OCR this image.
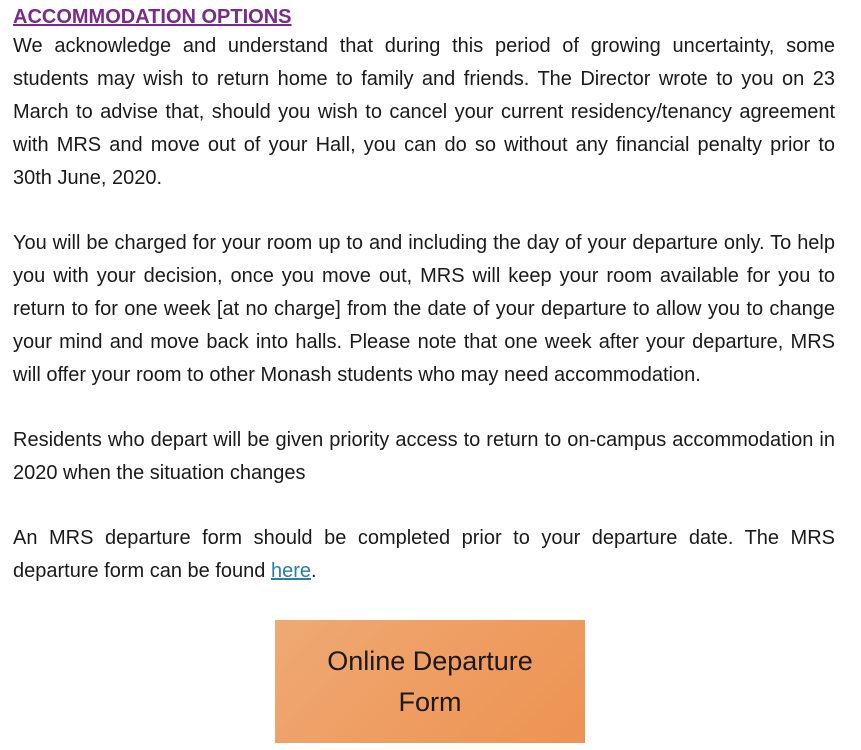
ACCOMMODATION OPTIONS

We acknowledge and understand that during this period of growing uncertainty, some students may wish to return home to family and friends. The Director wrote to you on 23 March to advise that, should you wish to cancel your current residency/tenancy agreement with MRS and move out of your Hall, you can do so without any financial penalty prior to 30th June, 2020.

You will be charged for your room up to and including the day of your departure only. To help you with your decision, once you move out, MRS will keep your room available for you to return to for one week [at no charge] from the date of your departure to allow you to change your mind and move back into halls. Please note that one week after your departure, MRS will offer your room to other Monash students who may need accommodation.

Residents who depart will be given priority access to return to on-campus accommodation in 2020 when the situation changes

An MRS departure form should be completed prior to your departure date. The MRS departure form can be found here.

Online Departure Form
